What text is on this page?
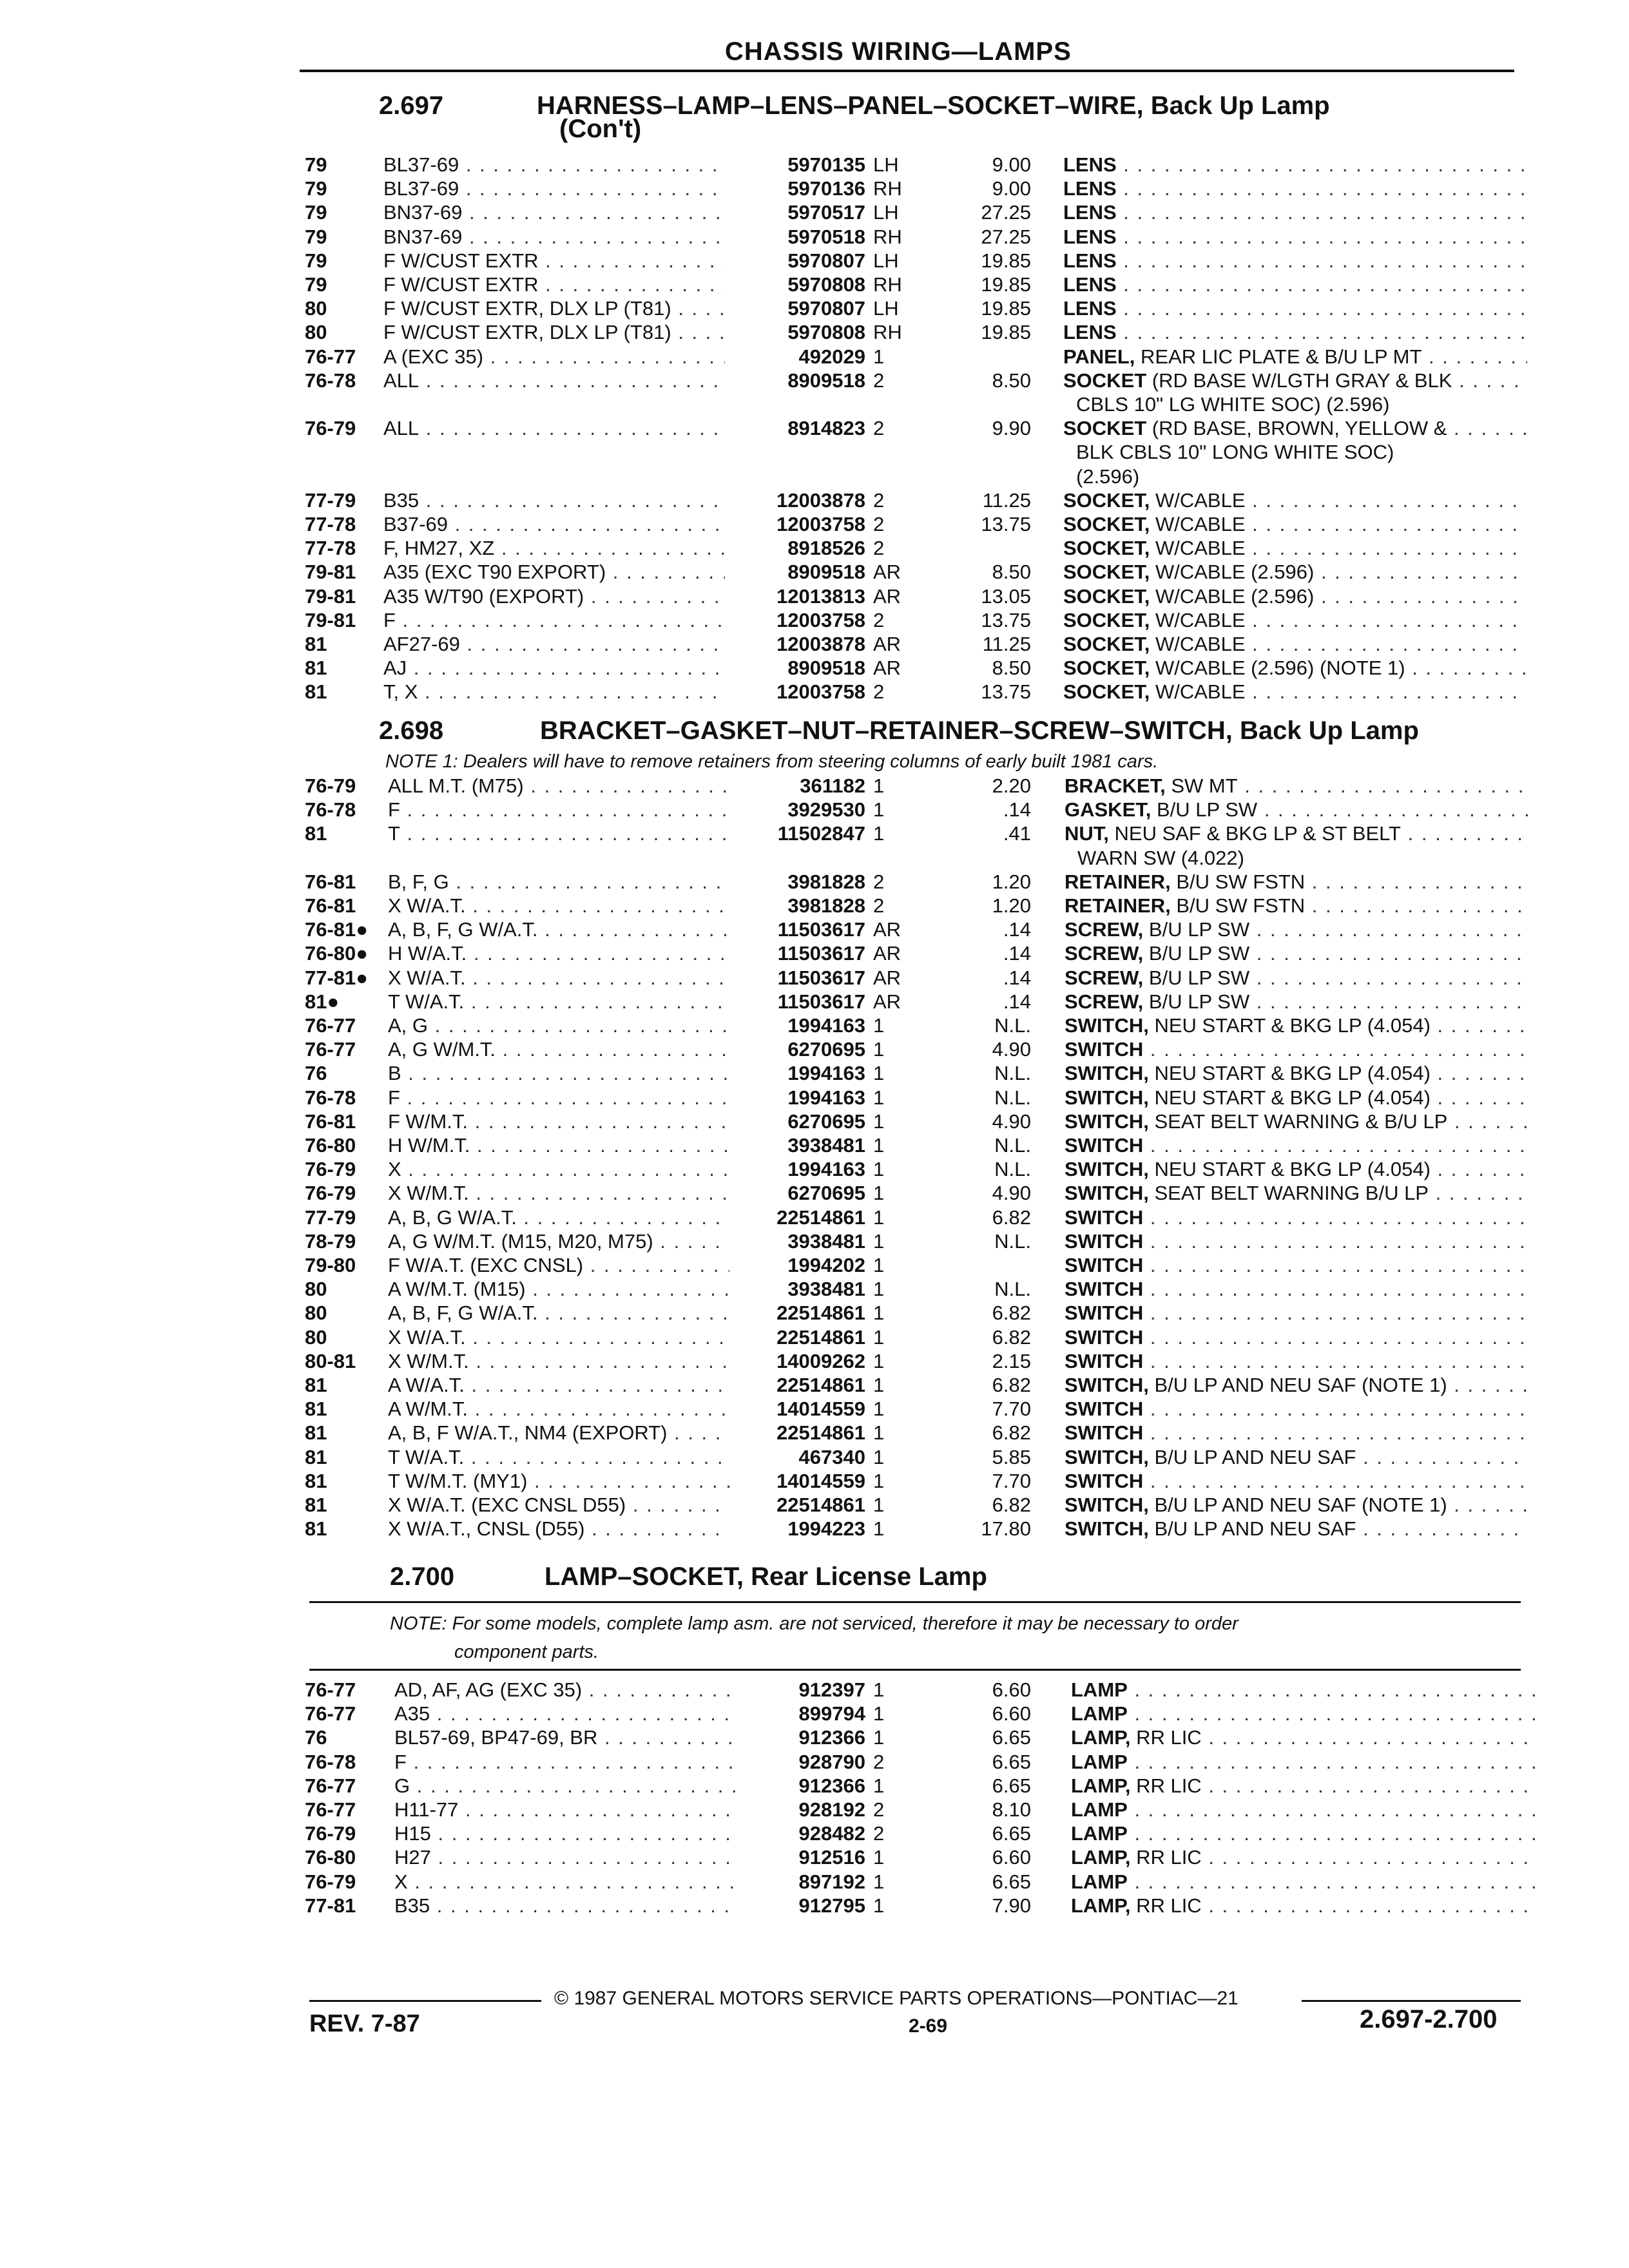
CHASSIS WIRING—LAMPS
2.697	HARNESS–LAMP–LENS–PANEL–SOCKET–WIRE, Back Up Lamp
(Con't)
2.698	BRACKET–GASKET–NUT–RETAINER–SCREW–SWITCH, Back Up Lamp
NOTE 1: Dealers will have to remove retainers from steering columns of early built 1981 cars.
2.700	LAMP–SOCKET, Rear License Lamp
NOTE: For some models, complete lamp asm. are not serviced, therefore it may be necessary to order
component parts.
79	BL37-69 . . .	5970135 LH	9.00 LENS . . .
79	BL37-69 . . .	5970136 RH	9.00 LENS . . .
79	BN37-69 . . .	5970517 LH	27.25 LENS . . .
79	BN37-69 . . .	5970518 RH	27.25 LENS . . .
79	F W/CUST EXTR . . .	5970807 LH	19.85 LENS . . .
79	F W/CUST EXTR . . .	5970808 RH	19.85 LENS . . .
80	F W/CUST EXTR, DLX LP (T81) . . .	5970807 LH	19.85 LENS . . .
80	F W/CUST EXTR, DLX LP (T81) . . .	5970808 RH	19.85 LENS . . .
76-77 A (EXC 35) . . .	492029 1	PANEL, REAR LIC PLATE & B/U LP MT . . .
76-78 ALL . . .	8909518 2	8.50 SOCKET (RD BASE W/LGTH GRAY & BLK . . .
CBLS 10" LG WHITE SOC) (2.596)
76-79 ALL . . .	8914823 2	9.90 SOCKET (RD BASE, BROWN, YELLOW & . . .
BLK CBLS 10" LONG WHITE SOC)
(2.596)
77-79 B35 . . .	12003878 2	11.25 SOCKET, W/CABLE . . .
77-78 B37-69 . . .	12003758 2	13.75 SOCKET, W/CABLE . . .
77-78 F, HM27, XZ . . .	8918526 2	SOCKET, W/CABLE . . .
79-81 A35 (EXC T90 EXPORT) . . .	8909518 AR	8.50 SOCKET, W/CABLE (2.596) . . .
79-81 A35 W/T90 (EXPORT) . . .	12013813 AR	13.05 SOCKET, W/CABLE (2.596) . . .
79-81 F . . .	12003758 2	13.75 SOCKET, W/CABLE . . .
81	AF27-69 . . .	12003878 AR	11.25 SOCKET, W/CABLE . . .
81	AJ . . .	8909518 AR	8.50 SOCKET, W/CABLE (2.596) (NOTE 1) . . .
81	T, X . . .	12003758 2	13.75 SOCKET, W/CABLE . . .
76-79 ALL M.T. (M75) . . .	361182 1	2.20 BRACKET, SW MT . . .
76-78 F . . .	3929530 1	.14 GASKET, B/U LP SW . . .
81	T . . .	11502847 1	.41 NUT, NEU SAF & BKG LP & ST BELT . . .
WARN SW (4.022)
76-81 B, F, G . . .	3981828 2	1.20 RETAINER, B/U SW FSTN . . .
76-81 X W/A.T. . . .	3981828 2	1.20 RETAINER, B/U SW FSTN . . .
76-81● A, B, F, G W/A.T. . . .	11503617 AR	.14 SCREW, B/U LP SW . . .
76-80● H W/A.T. . . .	11503617 AR	.14 SCREW, B/U LP SW . . .
77-81● X W/A.T. . . .	11503617 AR	.14 SCREW, B/U LP SW . . .
81● T W/A.T. . . .	11503617 AR	.14 SCREW, B/U LP SW . . .
76-77 A, G . . .	1994163 1	N.L. SWITCH, NEU START & BKG LP (4.054) . . .
76-77 A, G W/M.T. . . .	6270695 1	4.90 SWITCH . . .
76	B . . .	1994163 1	N.L. SWITCH, NEU START & BKG LP (4.054) . . .
76-78 F . . .	1994163 1	N.L. SWITCH, NEU START & BKG LP (4.054) . . .
76-81 F W/M.T. . . .	6270695 1	4.90 SWITCH, SEAT BELT WARNING & B/U LP . . .
76-80 H W/M.T. . . .	3938481 1	N.L. SWITCH . . .
76-79 X . . .	1994163 1	N.L. SWITCH, NEU START & BKG LP (4.054) . . .
76-79 X W/M.T. . . .	6270695 1	4.90 SWITCH, SEAT BELT WARNING B/U LP . . .
77-79 A, B, G W/A.T. . . .	22514861 1	6.82 SWITCH . . .
78-79 A, G W/M.T. (M15, M20, M75) . . .	3938481 1	N.L. SWITCH . . .
79-80 F W/A.T. (EXC CNSL) . . .	1994202 1	SWITCH . . .
80	A W/M.T. (M15) . . .	3938481 1	N.L. SWITCH . . .
80	A, B, F, G W/A.T. . . .	22514861 1	6.82 SWITCH . . .
80	X W/A.T. . . .	22514861 1	6.82 SWITCH . . .
80-81 X W/M.T. . . .	14009262 1	2.15 SWITCH . . .
81	A W/A.T. . . .	22514861 1	6.82 SWITCH, B/U LP AND NEU SAF (NOTE 1) . . .
81	A W/M.T. . . .	14014559 1	7.70 SWITCH . . .
81	A, B, F W/A.T., NM4 (EXPORT) . . .	22514861 1	6.82 SWITCH . . .
81	T W/A.T. . . .	467340 1	5.85 SWITCH, B/U LP AND NEU SAF . . .
81	T W/M.T. (MY1) . . .	14014559 1	7.70 SWITCH . . .
81	X W/A.T. (EXC CNSL D55) . . .	22514861 1	6.82 SWITCH, B/U LP AND NEU SAF (NOTE 1) . . .
81	X W/A.T., CNSL (D55) . . .	1994223 1	17.80 SWITCH, B/U LP AND NEU SAF . . .
76-77 AD, AF, AG (EXC 35) . . .	912397 1	6.60 LAMP . . .
76-77 A35 . . .	899794 1	6.60 LAMP . . .
76	BL57-69, BP47-69, BR . . .	912366 1	6.65 LAMP, RR LIC . . .
76-78 F . . .	928790 2	6.65 LAMP . . .
76-77 G . . .	912366 1	6.65 LAMP, RR LIC . . .
76-77 H11-77 . . .	928192 2	8.10 LAMP . . .
76-79 H15 . . .	928482 2	6.65 LAMP . . .
76-80 H27 . . .	912516 1	6.60 LAMP, RR LIC . . .
76-79 X . . .	897192 1	6.65 LAMP . . .
77-81 B35 . . .	912795 1	7.90 LAMP, RR LIC . . .
© 1987 GENERAL MOTORS SERVICE PARTS OPERATIONS—PONTIAC—21
REV. 7-87	2-69	2.697-2.700
